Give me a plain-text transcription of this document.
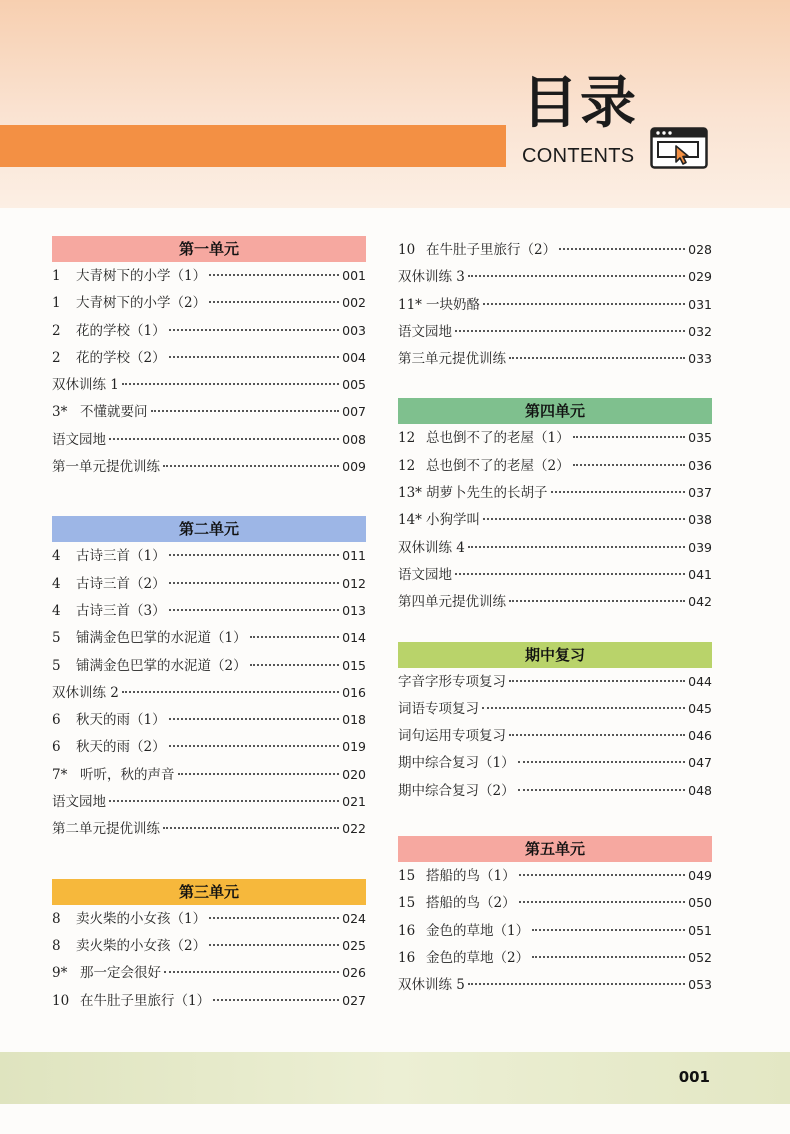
目录
CONTENTS
第一单元
1	大青树下的小学（1）	001
1	大青树下的小学（2）	002
2	花的学校（1）	003
2	花的学校（2）	004
双休训练 1	005
3* 不懂就要问	007
语文园地	008
第一单元提优训练	009
第二单元
4	古诗三首（1）	011
4	古诗三首（2）	012
4	古诗三首（3）	013
5	铺满金色巴掌的水泥道（1）	014
5	铺满金色巴掌的水泥道（2）	015
双休训练 2	016
6	秋天的雨（1）	018
6	秋天的雨（2）	019
7* 听听，秋的声音	020
语文园地	021
第二单元提优训练	022
第三单元
8	卖火柴的小女孩（1）	024
8	卖火柴的小女孩（2）	025
9* 那一定会很好	026
10 在牛肚子里旅行（1）	027
10 在牛肚子里旅行（2）	028
双休训练 3	029
11* 一块奶酪	031
语文园地	032
第三单元提优训练	033
第四单元
12 总也倒不了的老屋（1）	035
12 总也倒不了的老屋（2）	036
13* 胡萝卜先生的长胡子	037
14* 小狗学叫	038
双休训练 4	039
语文园地	041
第四单元提优训练	042
期中复习
字音字形专项复习	044
词语专项复习	045
词句运用专项复习	046
期中综合复习（1）	047
期中综合复习（2）	048
第五单元
15 搭船的鸟（1）	049
15 搭船的鸟（2）	050
16 金色的草地（1）	051
16 金色的草地（2）	052
双休训练 5	053
001
